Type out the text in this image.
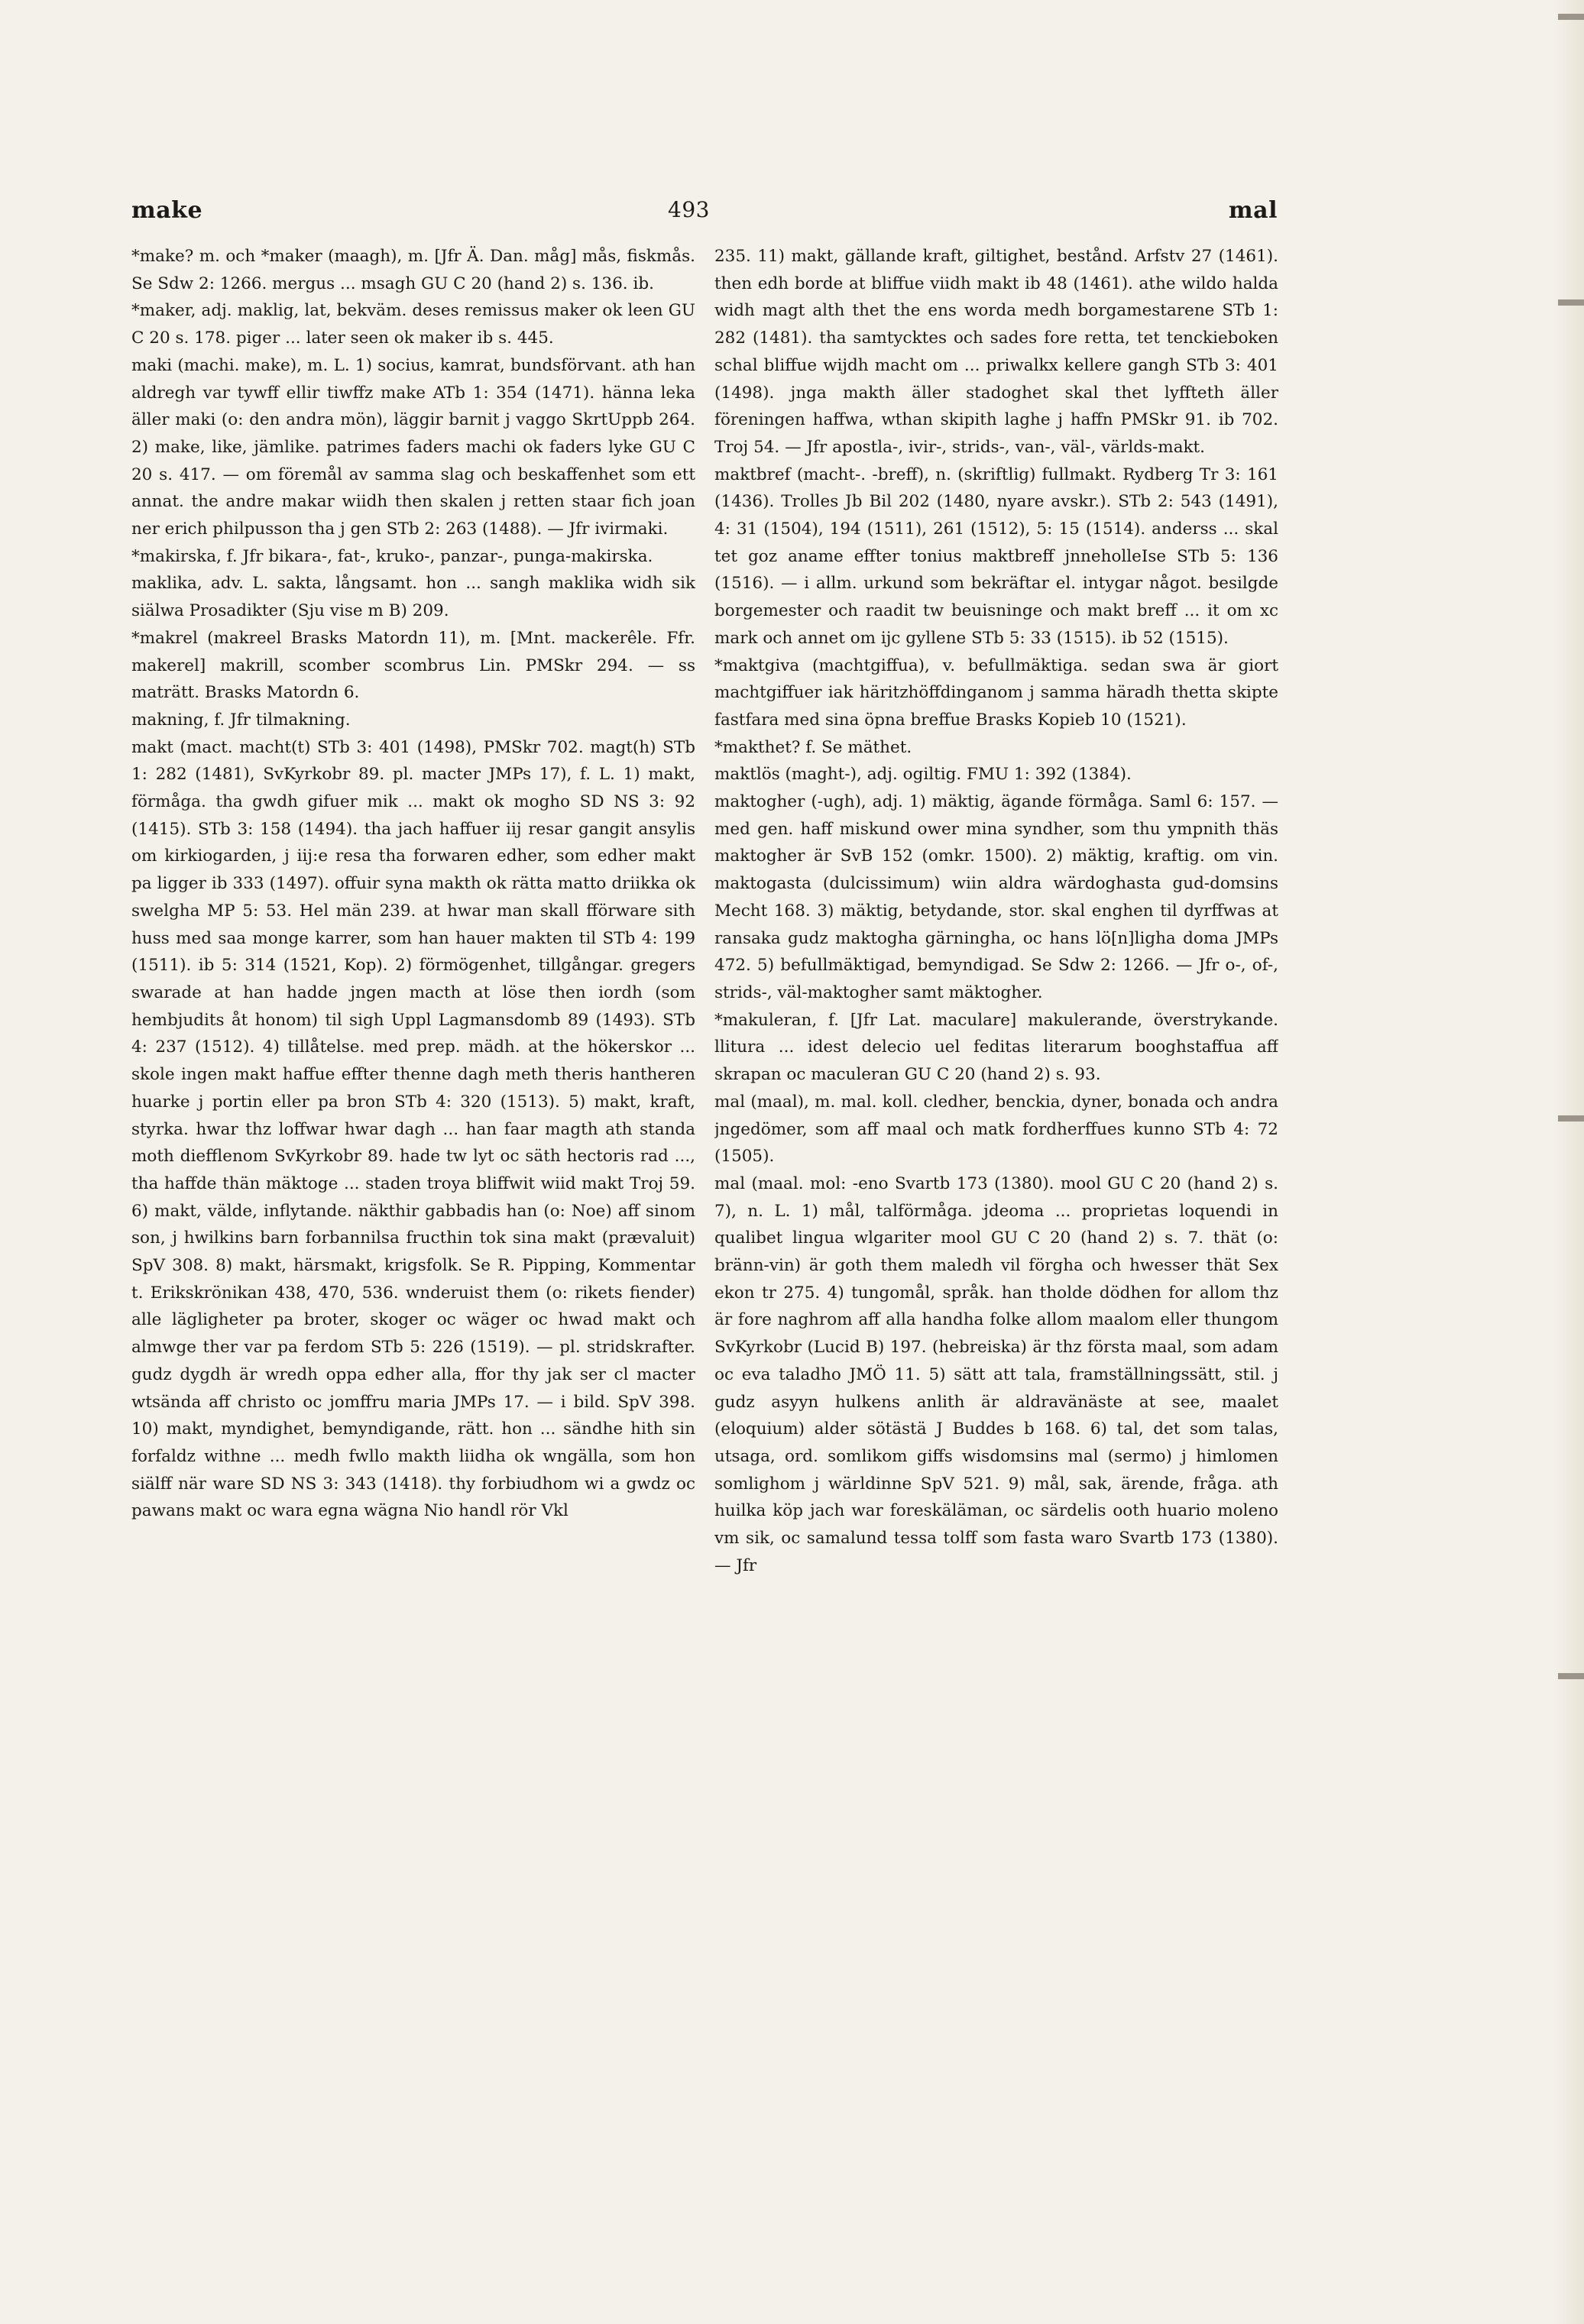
make	493	mal

*make? m. och *maker (maagh), m. [Jfr Ä. Dan. måg] mås, fiskmås. Se Sdw 2: 1266. mergus ... msagh GU C 20 (hand 2) s. 136. ib.

*maker, adj. maklig, lat, bekväm. deses remissus maker ok leen GU C 20 s. 178. piger ... later seen ok maker ib s. 445.

maki (machi. make), m. L. 1) socius, kamrat, bundsförvant. ath han aldregh var tywff ellir tiwffz make ATb 1: 354 (1471). hänna leka äller maki (o: den andra mön), läggir barnit j vaggo SkrtUppb 264. 2) make, like, jämlike. patrimes faders machi ok faders lyke GU C 20 s. 417. — om föremål av samma slag och beskaffenhet som ett annat. the andre makar wiidh then skalen j retten staar fich joan ner erich philpusson tha j gen STb 2: 263 (1488). — Jfr ivirmaki.

*makirska, f. Jfr bikara-, fat-, kruko-, panzar-, punga-makirska.

maklika, adv. L. sakta, långsamt. hon ... sangh maklika widh sik siälwa Prosadikter (Sju vise m B) 209.

*makrel (makreel Brasks Matordn 11), m. [Mnt. mackerêle. Ffr. makerel] makrill, scomber scombrus Lin. PMSkr 294. — ss maträtt. Brasks Matordn 6.

makning, f. Jfr tilmakning.

makt (mact. macht(t) STb 3: 401 (1498), PMSkr 702. magt(h) STb 1: 282 (1481), SvKyrkobr 89. pl. macter JMPs 17), f. L. 1) makt, förmåga. tha gwdh gifuer mik ... makt ok mogho SD NS 3: 92 (1415). STb 3: 158 (1494). tha jach haffuer iij resar gangit ansylis om kirkiogarden, j iij:e resa tha forwaren edher, som edher makt pa ligger ib 333 (1497). offuir syna makth ok rätta matto driikka ok swelgha MP 5: 53. Hel män 239. at hwar man skall fförware sith huss med saa monge karrer, som han hauer makten til STb 4: 199 (1511). ib 5: 314 (1521, Kop). 2) förmögenhet, tillgångar. gregers swarade at han hadde jngen macth at löse then iordh (som hembjudits åt honom) til sigh Uppl Lagmansdomb 89 (1493). STb 4: 237 (1512). 4) tillåtelse. med prep. mädh. at the hökerskor ... skole ingen makt haffue effter thenne dagh meth theris hantheren huarke j portin eller pa bron STb 4: 320 (1513). 5) makt, kraft, styrka. hwar thz loffwar hwar dagh ... han faar magth ath standa moth diefflenom SvKyrkobr 89. hade tw lyt oc säth hectoris rad ..., tha haffde thän mäktoge ... staden troya bliffwit wiid makt Troj 59. 6) makt, välde, inflytande. näkthir gabbadis han (o: Noe) aff sinom son, j hwilkins barn forbannilsa fructhin tok sina makt (prævaluit) SpV 308. 8) makt, härsmakt, krigsfolk. Se R. Pipping, Kommentar t. Erikskrönikan 438, 470, 536. wnderuist them (o: rikets fiender) alle lägligheter pa broter, skoger oc wäger oc hwad makt och almwge ther var pa ferdom STb 5: 226 (1519). — pl. stridskrafter. gudz dygdh är wredh oppa edher alla, ffor thy jak ser cl macter wtsända aff christo oc jomffru maria JMPs 17. — i bild. SpV 398. 10) makt, myndighet, bemyndigande, rätt. hon ... sändhe hith sin forfaldz withne ... medh fwllo makth liidha ok wngälla, som hon siälff när ware SD NS 3: 343 (1418). thy forbiudhom wi a gwdz oc pawans makt oc wara egna wägna Nio handl rör Vkl

235. 11) makt, gällande kraft, giltighet, bestånd. Arfstv 27 (1461). then edh borde at bliffue viidh makt ib 48 (1461). athe wildo halda widh magt alth thet the ens worda medh borgamestarene STb 1: 282 (1481). tha samtycktes och sades fore retta, tet tenckieboken schal bliffue wijdh macht om ... priwalkx kellere gangh STb 3: 401 (1498). jnga makth äller stadoghet skal thet lyffteth äller föreningen haffwa, wthan skipith laghe j haffn PMSkr 91. ib 702. Troj 54. — Jfr apostla-, ivir-, strids-, van-, väl-, världs-makt.

maktbref (macht-. -breff), n. (skriftlig) fullmakt. Rydberg Tr 3: 161 (1436). Trolles Jb Bil 202 (1480, nyare avskr.). STb 2: 543 (1491), 4: 31 (1504), 194 (1511), 261 (1512), 5: 15 (1514). anderss ... skal tet goz aname effter tonius maktbreff jnneholleIse STb 5: 136 (1516). — i allm. urkund som bekräftar el. intygar något. besilgde borgemester och raadit tw beuisninge och makt breff ... it om xc mark och annet om ijc gyllene STb 5: 33 (1515). ib 52 (1515).

*maktgiva (machtgiffua), v. befullmäktiga. sedan swa är giort machtgiffuer iak häritzhöffdinganom j samma häradh thetta skipte fastfara med sina öpna breffue Brasks Kopieb 10 (1521).

*makthet? f. Se mäthet.

maktlös (maght-), adj. ogiltig. FMU 1: 392 (1384).

maktogher (-ugh), adj. 1) mäktig, ägande förmåga. Saml 6: 157. — med gen. haff miskund ower mina syndher, som thu ympnith thäs maktogher är SvB 152 (omkr. 1500). 2) mäktig, kraftig. om vin. maktogasta (dulcissimum) wiin aldra wärdoghasta gud-domsins Mecht 168. 3) mäktig, betydande, stor. skal enghen til dyrffwas at ransaka gudz maktogha gärningha, oc hans lö[n]ligha doma JMPs 472. 5) befullmäktigad, bemyndigad. Se Sdw 2: 1266. — Jfr o-, of-, strids-, väl-maktogher samt mäktogher.

*makuleran, f. [Jfr Lat. maculare] makulerande, överstrykande. llitura ... idest delecio uel feditas literarum booghstaffua aff skrapan oc maculeran GU C 20 (hand 2) s. 93.

mal (maal), m. mal. koll. cledher, benckia, dyner, bonada och andra jngedömer, som aff maal och matk fordherffues kunno STb 4: 72 (1505).

mal (maal. mol: -eno Svartb 173 (1380). mool GU C 20 (hand 2) s. 7), n. L. 1) mål, talförmåga. jdeoma ... proprietas loquendi in qualibet lingua wlgariter mool GU C 20 (hand 2) s. 7. thät (o: bränn-vin) är goth them maledh vil förgha och hwesser thät Sex ekon tr 275. 4) tungomål, språk. han tholde dödhen for allom thz är fore naghrom aff alla handha folke allom maalom eller thungom SvKyrkobr (Lucid B) 197. (hebreiska) är thz första maal, som adam oc eva taladho JMÖ 11. 5) sätt att tala, framställningssätt, stil. j gudz asyyn hulkens anlith är aldravänäste at see, maalet (eloquium) alder sötästä J Buddes b 168. 6) tal, det som talas, utsaga, ord. somlikom giffs wisdomsins mal (sermo) j himlomen somlighom j wärldinne SpV 521. 9) mål, sak, ärende, fråga. ath huilka köp jach war foreskäläman, oc särdelis ooth huario moleno vm sik, oc samalund tessa tolff som fasta waro Svartb 173 (1380). — Jfr
